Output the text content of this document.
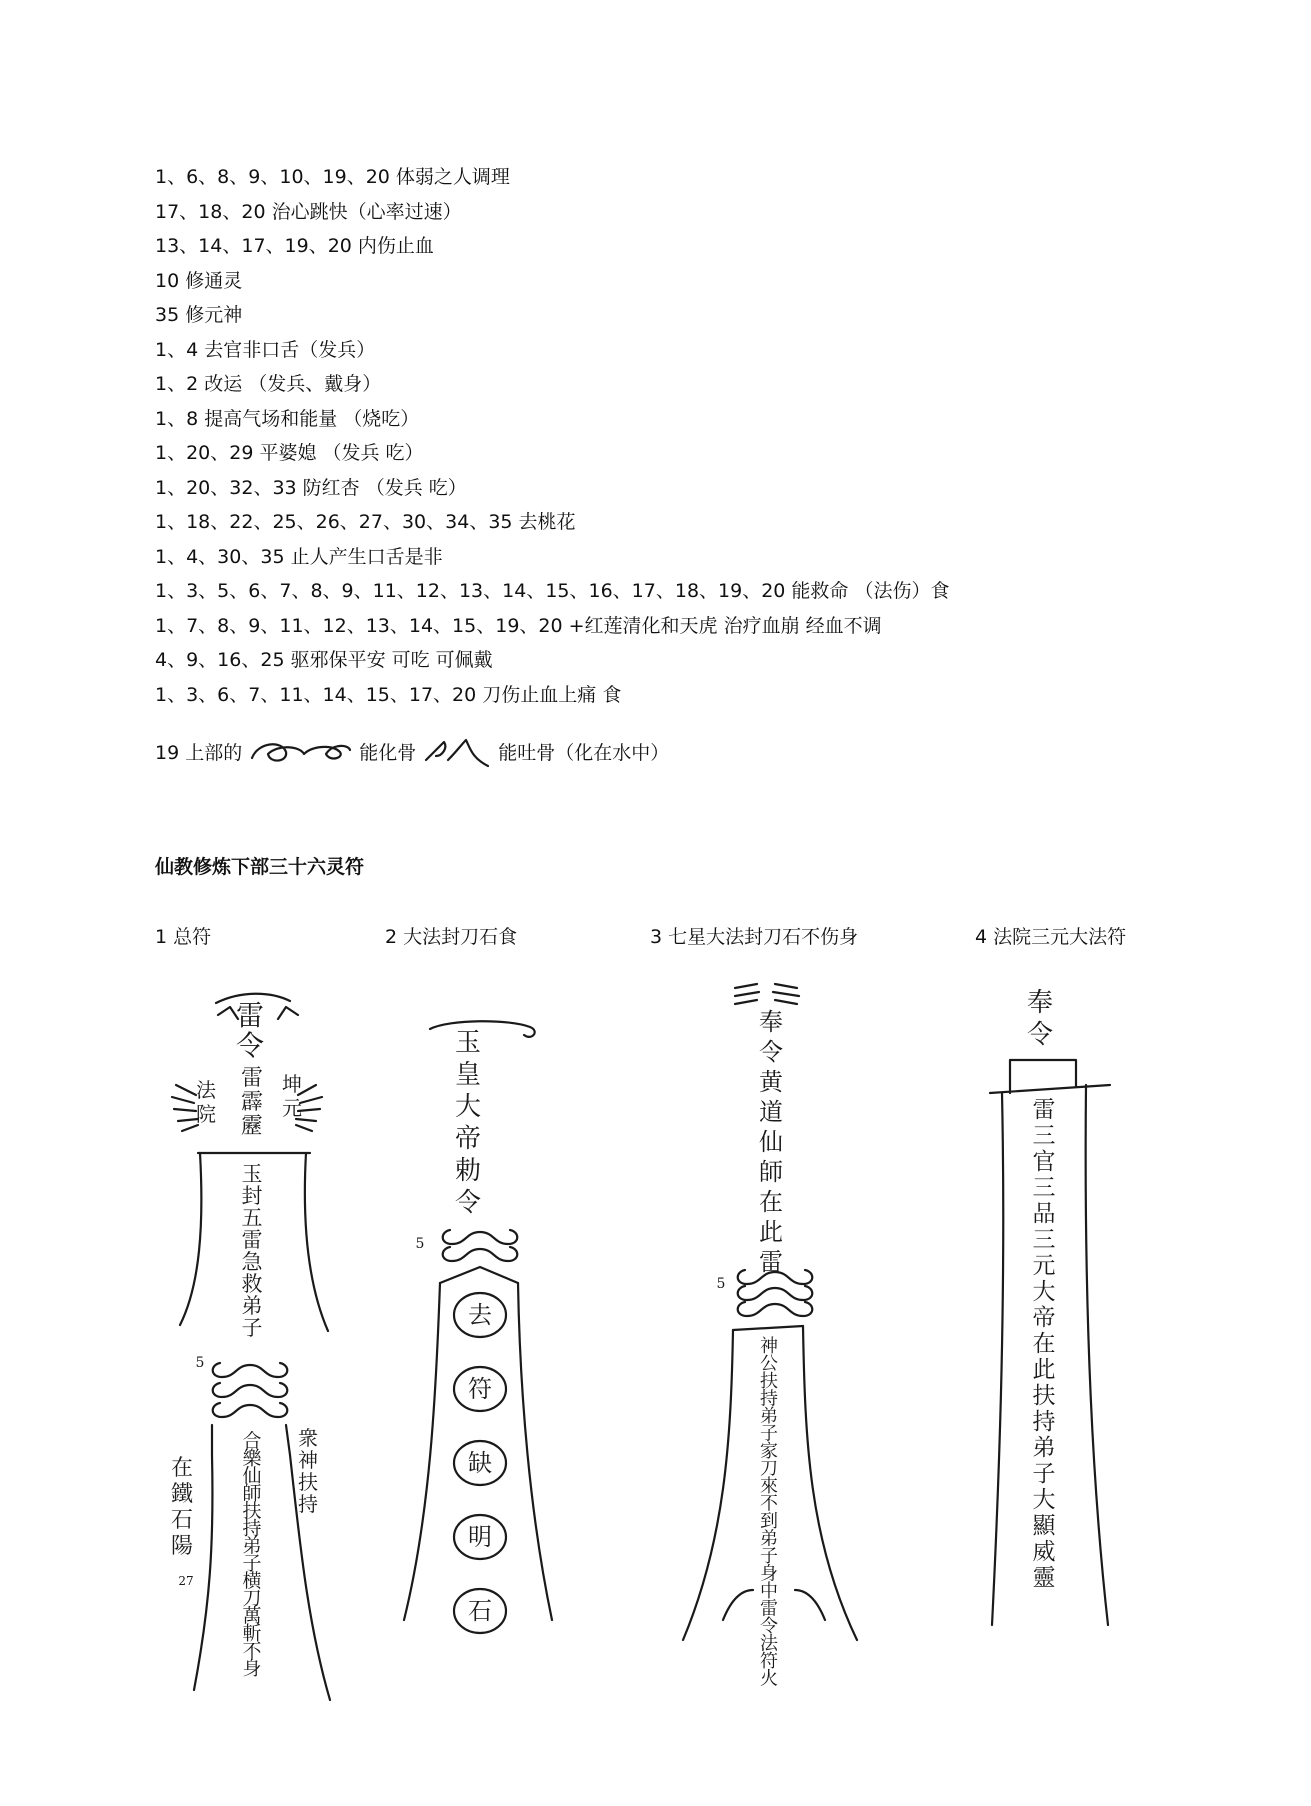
1、6、8、9、10、19、20 体弱之人调理
17、18、20 治心跳快（心率过速）
13、14、17、19、20 内伤止血
10 修通灵
35 修元神
1、4 去官非口舌（发兵）
1、2 改运 （发兵、戴身）
1、8 提高气场和能量 （烧吃）
1、20、29 平婆媳 （发兵 吃）
1、20、32、33 防红杏 （发兵 吃）
1、18、22、25、26、27、30、34、35 去桃花
1、4、30、35 止人产生口舌是非
1、3、5、6、7、8、9、11、12、13、14、15、16、17、18、19、20 能救命 （法伤）食
1、7、8、9、11、12、13、14、15、19、20 +红莲清化和天虎 治疗血崩 经血不调
4、9、16、25 驱邪保平安 可吃 可佩戴
1、3、6、7、11、14、15、17、20 刀伤止血上痛 食
19 上部的	能化骨	能吐骨（化在水中）
仙教修炼下部三十六灵符
1 总符	2 大法封刀石食	3 七星大法封刀石不伤身	4 法院三元大法符
雷
令
法
院
坤
元
雷
霹
靂
玉
封
五
雷
急
救
弟
子
合
樂
仙
師
扶
持
弟
子
横
刀
萬
斬
不
身
在
鐵
石
陽
衆
神
扶
持
5
27
玉
皇
大
帝
勅
令
5
去
符
缺
明
石
奉
令
黄
道
仙
師
在
此
雷
神
公
扶
持
弟
子
家
刀
來
不
到
弟
子
身
中
雷
令
法
符
火
5
奉
令
雷
三
官
三
品
三
元
大
帝
在
此
扶
持
弟
子
大
顯
威
靈
